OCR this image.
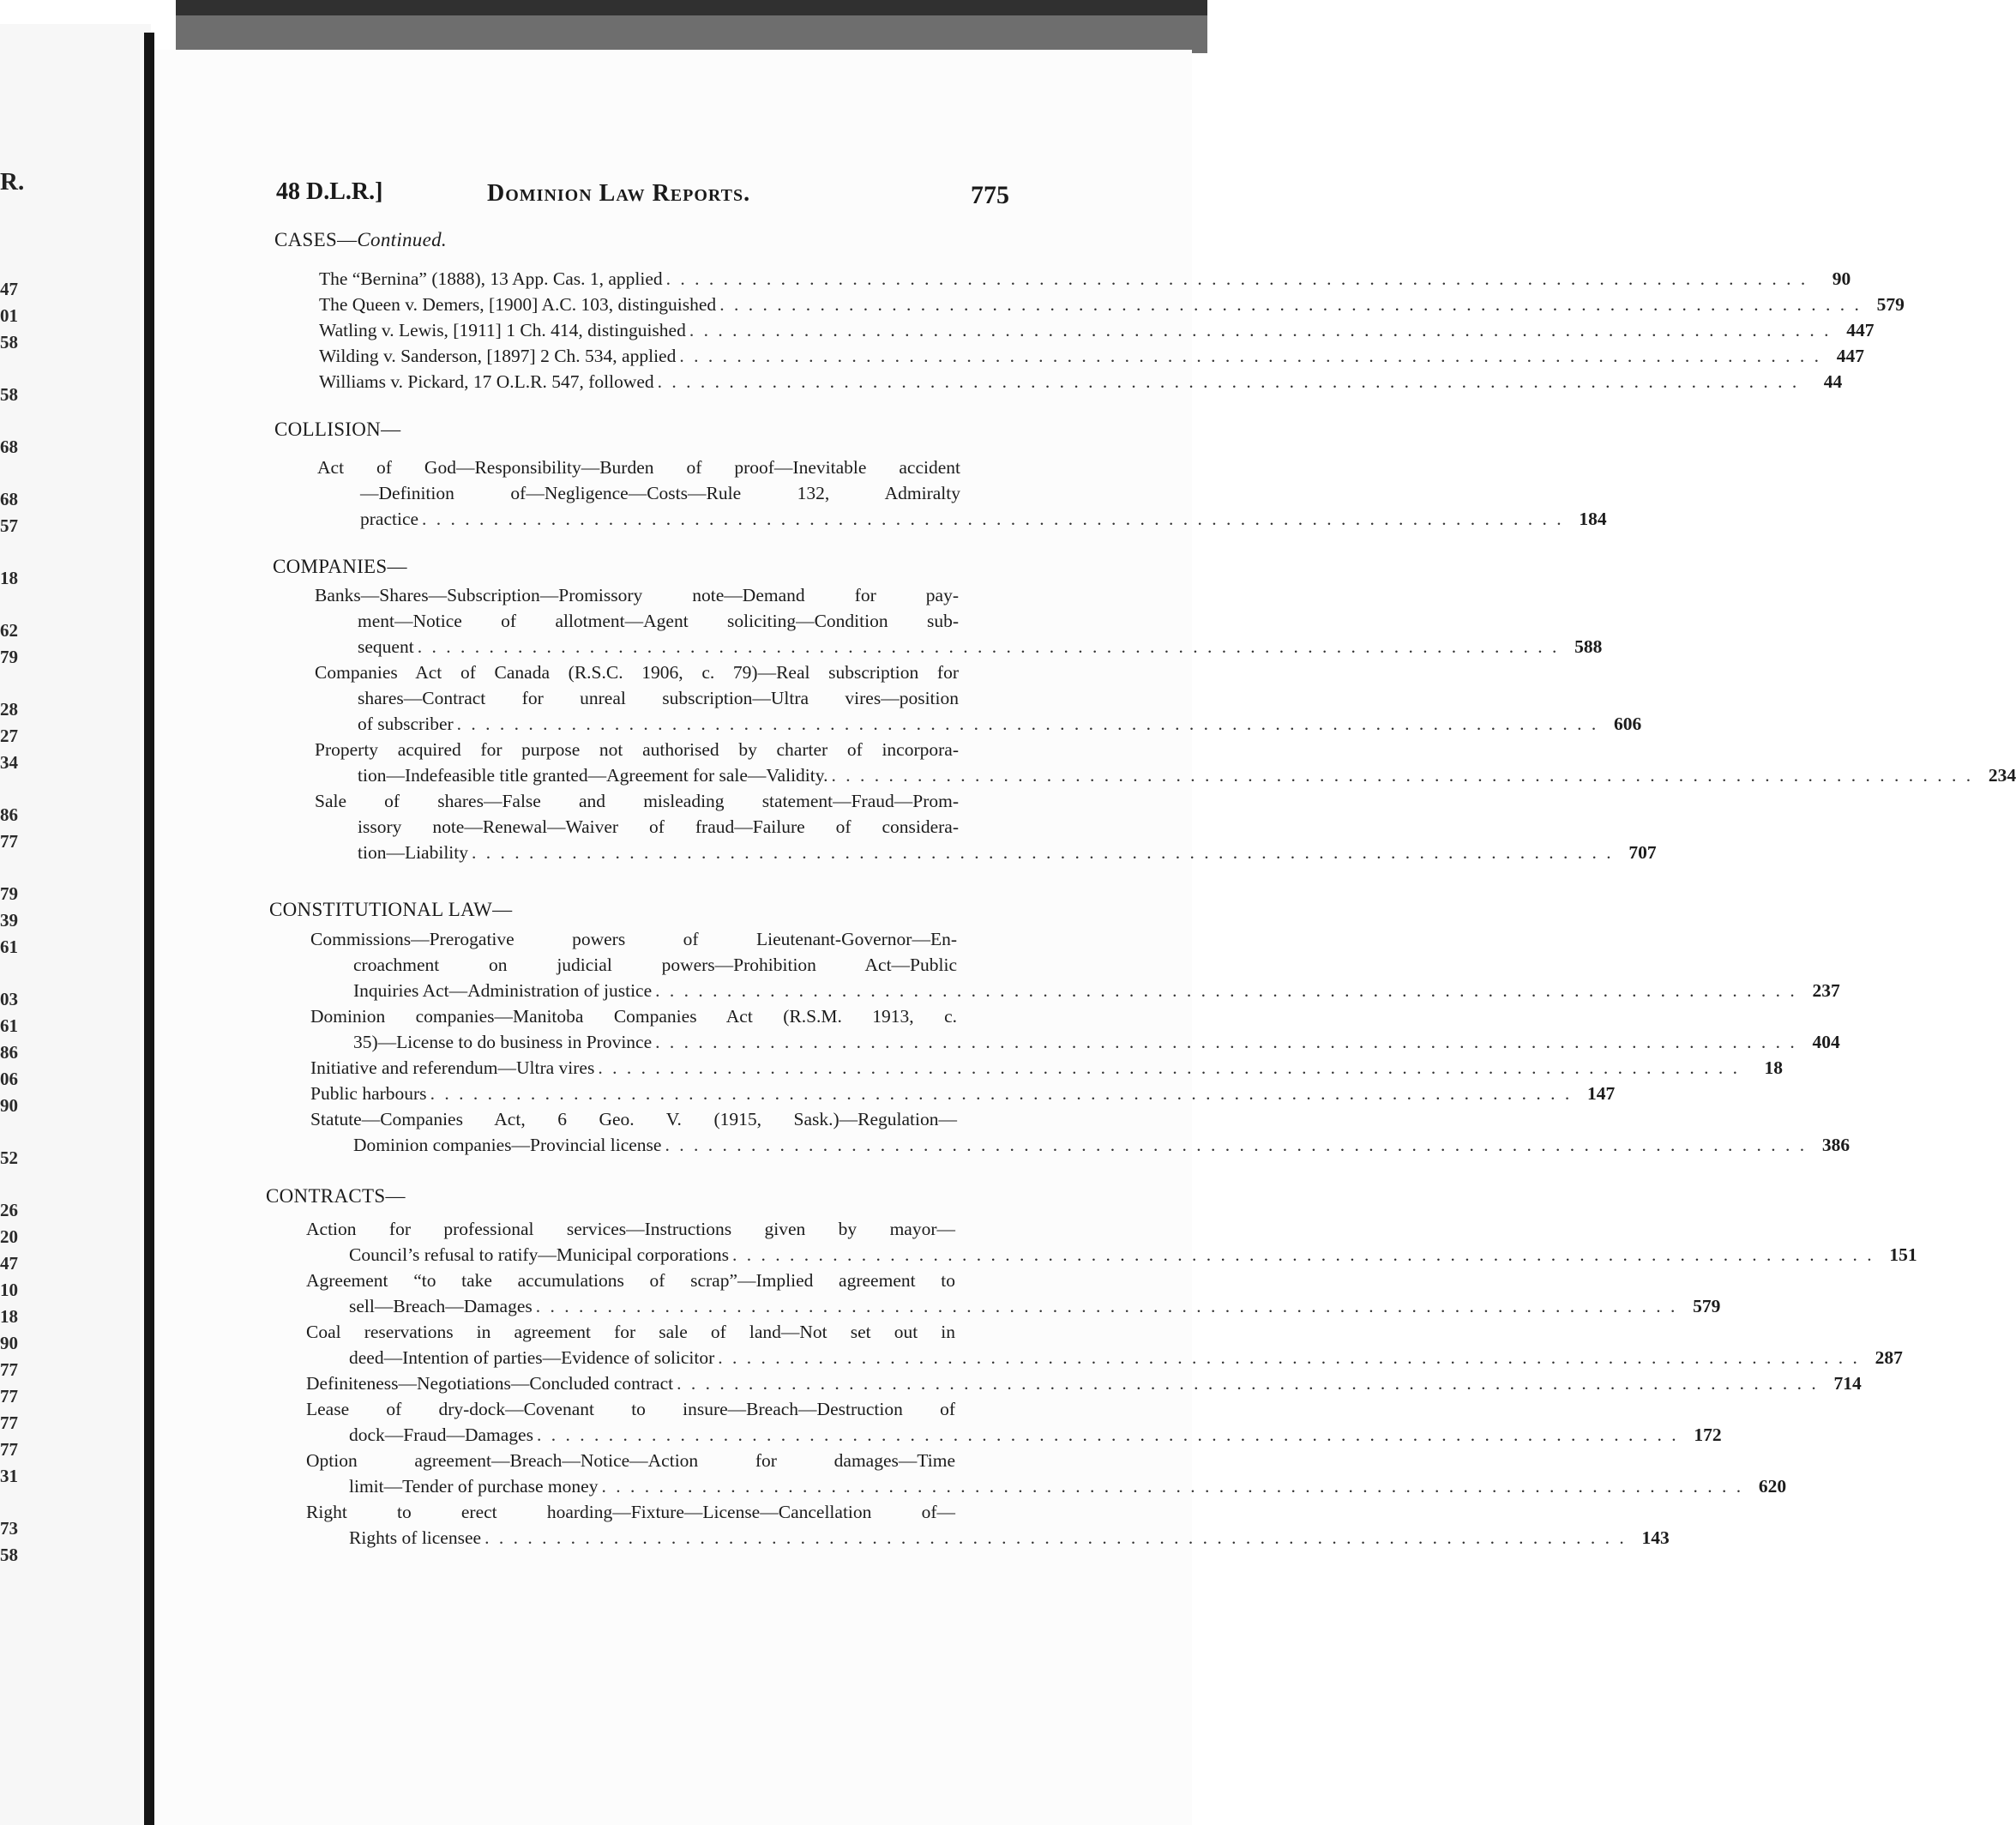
R.
47
01
58
58
68
68
57
18
62
79
28
27
34
86
77
79
39
61
03
61
86
06
90
52
26
20
47
10
18
90
77
77
77
77
31
73
58
48 D.L.R.]	Dominion Law Reports.	775
CASES—Continued.
The “Bernina” (1888), 13 App. Cas. 1, applied . . . . . . . . . . . . . . . . . . . . . . . . . . . . . . . . . . . . . . . . . . . . . . . . . . . . . . . . . . . . . . . . . . . . . . . . . . . . . . . .	90
The Queen v. Demers, [1900] A.C. 103, distinguished . . . . . . . . . . . . . . . . . . . . . . . . . . . . . . . . . . . . . . . . . . . . . . . . . . . . . . . . . . . . . . . . . . . . . . . . . . . . . . . . 579
Watling v. Lewis, [1911] 1 Ch. 414, distinguished . . . . . . . . . . . . . . . . . . . . . . . . . . . . . . . . . . . . . . . . . . . . . . . . . . . . . . . . . . . . . . . . . . . . . . . . . . . . . . . . 447
Wilding v. Sanderson, [1897] 2 Ch. 534, applied . . . . . . . . . . . . . . . . . . . . . . . . . . . . . . . . . . . . . . . . . . . . . . . . . . . . . . . . . . . . . . . . . . . . . . . . . . . . . . . . 447
Williams v. Pickard, 17 O.L.R. 547, followed . . . . . . . . . . . . . . . . . . . . . . . . . . . . . . . . . . . . . . . . . . . . . . . . . . . . . . . . . . . . . . . . . . . . . . . . . . . . . . . .	44
COLLISION—
Act of God—Responsibility—Burden of proof—Inevitable accident
—Definition of—Negligence—Costs—Rule 132, Admiralty
practice . . . . . . . . . . . . . . . . . . . . . . . . . . . . . . . . . . . . . . . . . . . . . . . . . . . . . . . . . . . . . . . . . . . . . . . . . . . . . . . . 184
COMPANIES—
Banks—Shares—Subscription—Promissory note—Demand for pay-
ment—Notice of allotment—Agent soliciting—Condition sub-
sequent . . . . . . . . . . . . . . . . . . . . . . . . . . . . . . . . . . . . . . . . . . . . . . . . . . . . . . . . . . . . . . . . . . . . . . . . . . . . . . . . 588
Companies Act of Canada (R.S.C. 1906, c. 79)—Real subscription for
shares—Contract for unreal subscription—Ultra vires—position
of subscriber . . . . . . . . . . . . . . . . . . . . . . . . . . . . . . . . . . . . . . . . . . . . . . . . . . . . . . . . . . . . . . . . . . . . . . . . . . . . . . . . 606
Property acquired for purpose not authorised by charter of incorpora-
tion—Indefeasible title granted—Agreement for sale—Validity. . . . . . . . . . . . . . . . . . . . . . . . . . . . . . . . . . . . . . . . . . . . . . . . . . . . . . . . . . . . . . . . . . . . . . . . . . . . . . . . . 234
Sale of shares—False and misleading statement—Fraud—Prom-
issory note—Renewal—Waiver of fraud—Failure of considera-
tion—Liability . . . . . . . . . . . . . . . . . . . . . . . . . . . . . . . . . . . . . . . . . . . . . . . . . . . . . . . . . . . . . . . . . . . . . . . . . . . . . . . . 707
CONSTITUTIONAL LAW—
Commissions—Prerogative powers of Lieutenant-Governor—En-
croachment on judicial powers—Prohibition Act—Public
Inquiries Act—Administration of justice . . . . . . . . . . . . . . . . . . . . . . . . . . . . . . . . . . . . . . . . . . . . . . . . . . . . . . . . . . . . . . . . . . . . . . . . . . . . . . . . 237
Dominion companies—Manitoba Companies Act (R.S.M. 1913, c.
35)—License to do business in Province . . . . . . . . . . . . . . . . . . . . . . . . . . . . . . . . . . . . . . . . . . . . . . . . . . . . . . . . . . . . . . . . . . . . . . . . . . . . . . . . 404
Initiative and referendum—Ultra vires . . . . . . . . . . . . . . . . . . . . . . . . . . . . . . . . . . . . . . . . . . . . . . . . . . . . . . . . . . . . . . . . . . . . . . . . . . . . . . . .	18
Public harbours . . . . . . . . . . . . . . . . . . . . . . . . . . . . . . . . . . . . . . . . . . . . . . . . . . . . . . . . . . . . . . . . . . . . . . . . . . . . . . . . 147
Statute—Companies Act, 6 Geo. V. (1915, Sask.)—Regulation—
Dominion companies—Provincial license . . . . . . . . . . . . . . . . . . . . . . . . . . . . . . . . . . . . . . . . . . . . . . . . . . . . . . . . . . . . . . . . . . . . . . . . . . . . . . . . 386
CONTRACTS—
Action for professional services—Instructions given by mayor—
Council’s refusal to ratify—Municipal corporations . . . . . . . . . . . . . . . . . . . . . . . . . . . . . . . . . . . . . . . . . . . . . . . . . . . . . . . . . . . . . . . . . . . . . . . . . . . . . . . . 151
Agreement “to take accumulations of scrap”—Implied agreement to
sell—Breach—Damages . . . . . . . . . . . . . . . . . . . . . . . . . . . . . . . . . . . . . . . . . . . . . . . . . . . . . . . . . . . . . . . . . . . . . . . . . . . . . . . . 579
Coal reservations in agreement for sale of land—Not set out in
deed—Intention of parties—Evidence of solicitor . . . . . . . . . . . . . . . . . . . . . . . . . . . . . . . . . . . . . . . . . . . . . . . . . . . . . . . . . . . . . . . . . . . . . . . . . . . . . . . . 287
Definiteness—Negotiations—Concluded contract . . . . . . . . . . . . . . . . . . . . . . . . . . . . . . . . . . . . . . . . . . . . . . . . . . . . . . . . . . . . . . . . . . . . . . . . . . . . . . . . 714
Lease of dry-dock—Covenant to insure—Breach—Destruction of
dock—Fraud—Damages . . . . . . . . . . . . . . . . . . . . . . . . . . . . . . . . . . . . . . . . . . . . . . . . . . . . . . . . . . . . . . . . . . . . . . . . . . . . . . . . 172
Option agreement—Breach—Notice—Action for damages—Time
limit—Tender of purchase money . . . . . . . . . . . . . . . . . . . . . . . . . . . . . . . . . . . . . . . . . . . . . . . . . . . . . . . . . . . . . . . . . . . . . . . . . . . . . . . . 620
Right to erect hoarding—Fixture—License—Cancellation of—
Rights of licensee . . . . . . . . . . . . . . . . . . . . . . . . . . . . . . . . . . . . . . . . . . . . . . . . . . . . . . . . . . . . . . . . . . . . . . . . . . . . . . . . 143
